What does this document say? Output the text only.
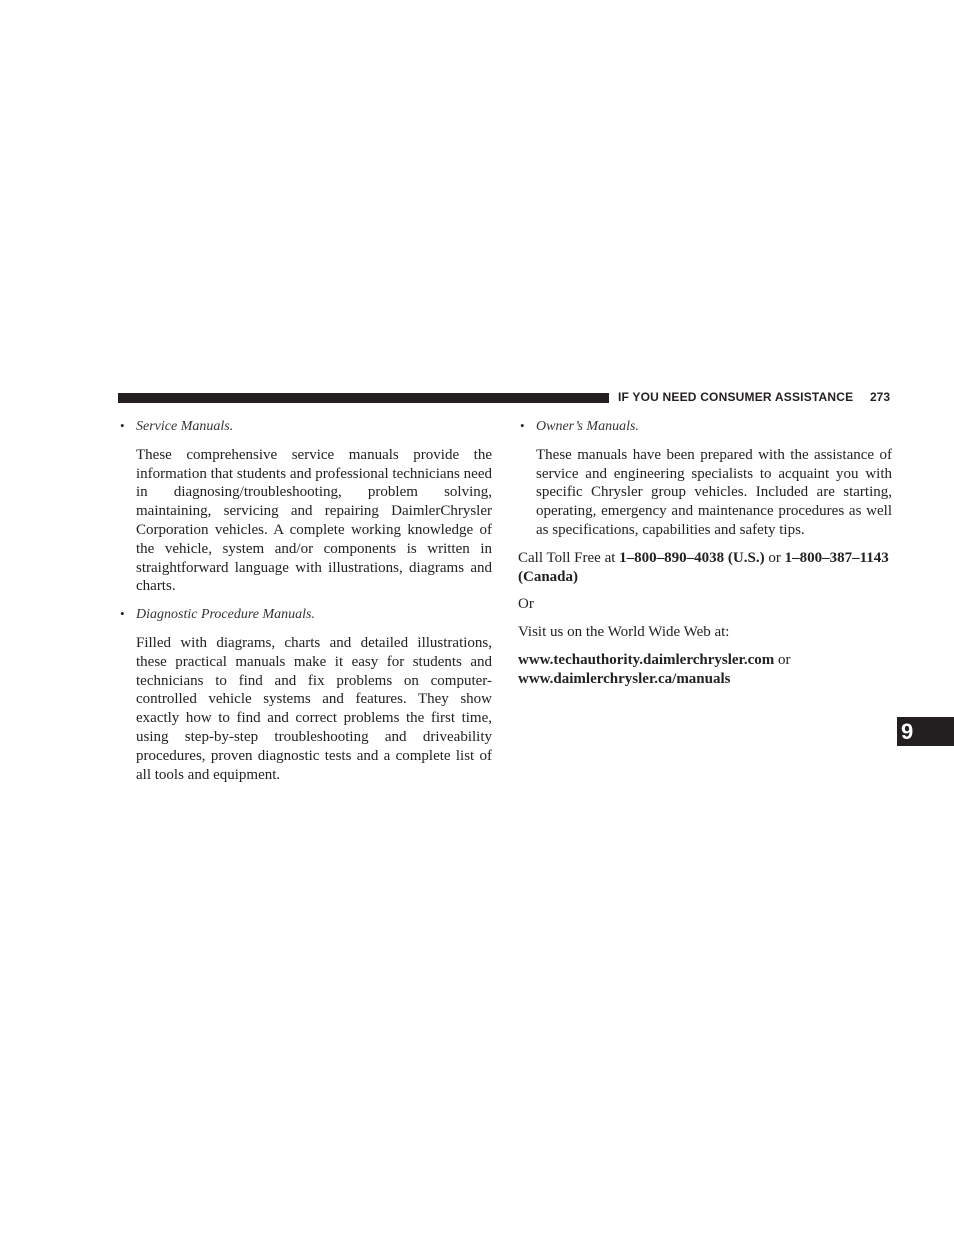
IF YOU NEED CONSUMER ASSISTANCE 273
• Service Manuals.

These comprehensive service manuals provide the information that students and professional technicians need in diagnosing/troubleshooting, problem solving, maintaining, servicing and repairing DaimlerChrysler Corporation vehicles. A complete working knowledge of the vehicle, system and/or components is written in straightforward language with illustrations, diagrams and charts.

• Diagnostic Procedure Manuals.

Filled with diagrams, charts and detailed illustrations, these practical manuals make it easy for students and technicians to find and fix problems on computer-controlled vehicle systems and features. They show exactly how to find and correct problems the first time, using step-by-step troubleshooting and driveability procedures, proven diagnostic tests and a complete list of all tools and equipment.

• Owner’s Manuals.

These manuals have been prepared with the assistance of service and engineering specialists to acquaint you with specific Chrysler group vehicles. Included are starting, operating, emergency and maintenance procedures as well as specifications, capabilities and safety tips.

Call Toll Free at 1–800–890–4038 (U.S.) or 1–800–387–1143 (Canada)

Or

Visit us on the World Wide Web at:

www.techauthority.daimlerchrysler.com or
www.daimlerchrysler.ca/manuals

9
